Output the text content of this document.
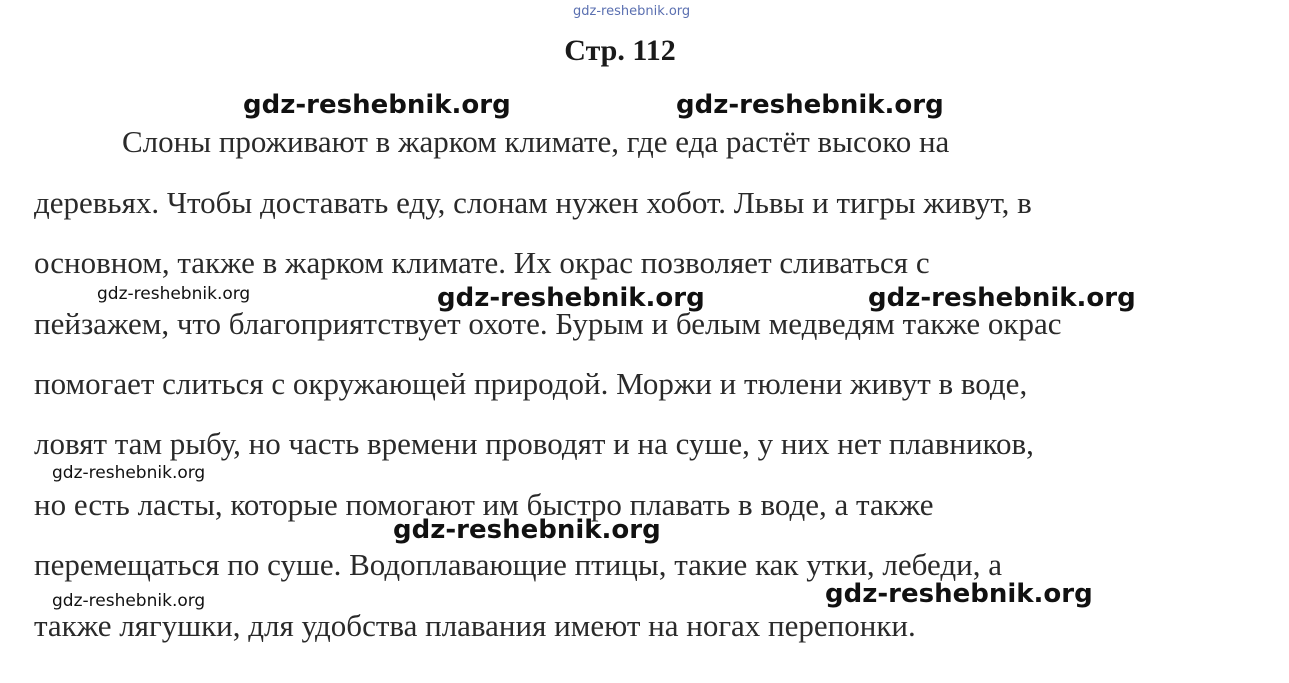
gdz-reshebnik.org
Стр. 112
Слоны проживают в жарком климате, где еда растёт высоко на
деревьях. Чтобы доставать еду, слонам нужен хобот. Львы и тигры живут, в
основном, также в жарком климате. Их окрас позволяет сливаться с
пейзажем, что благоприятствует охоте. Бурым и белым медведям также окрас
помогает слиться с окружающей природой. Моржи и тюлени живут в воде,
ловят там рыбу, но часть времени проводят и на суше, у них нет плавников,
но есть ласты, которые помогают им быстро плавать в воде, а также
перемещаться по суше. Водоплавающие птицы, такие как утки, лебеди, а
также лягушки, для удобства плавания имеют на ногах перепонки.
gdz-reshebnik.org	gdz-reshebnik.org
gdz-reshebnik.org	gdz-reshebnik.org	gdz-reshebnik.org
gdz-reshebnik.org
gdz-reshebnik.org
gdz-reshebnik.org	gdz-reshebnik.org
